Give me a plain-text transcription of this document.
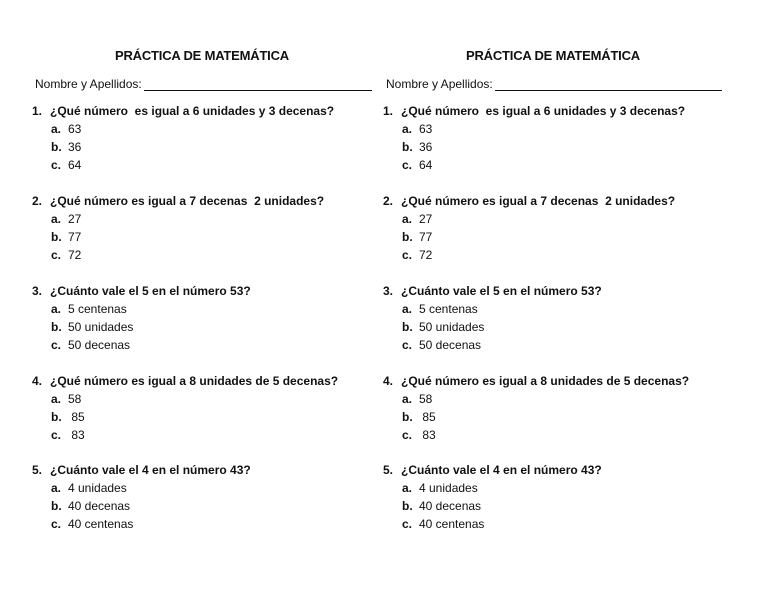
PRÁCTICA DE MATEMÁTICA
Nombre y Apellidos:
1. ¿Qué número  es igual a 6 unidades y 3 decenas?
a. 63
b. 36
c. 64
2. ¿Qué número es igual a 7 decenas  2 unidades?
a. 27
b. 77
c. 72
3. ¿Cuánto vale el 5 en el número 53?
a. 5 centenas
b. 50 unidades
c. 50 decenas
4. ¿Qué número es igual a 8 unidades de 5 decenas?
a. 58
b. 85
c. 83
5. ¿Cuánto vale el 4 en el número 43?
a. 4 unidades
b. 40 decenas
c. 40 centenas
PRÁCTICA DE MATEMÁTICA
Nombre y Apellidos:
1. ¿Qué número  es igual a 6 unidades y 3 decenas?
a. 63
b. 36
c. 64
2. ¿Qué número es igual a 7 decenas  2 unidades?
a. 27
b. 77
c. 72
3. ¿Cuánto vale el 5 en el número 53?
a. 5 centenas
b. 50 unidades
c. 50 decenas
4. ¿Qué número es igual a 8 unidades de 5 decenas?
a. 58
b. 85
c. 83
5. ¿Cuánto vale el 4 en el número 43?
a. 4 unidades
b. 40 decenas
c. 40 centenas
